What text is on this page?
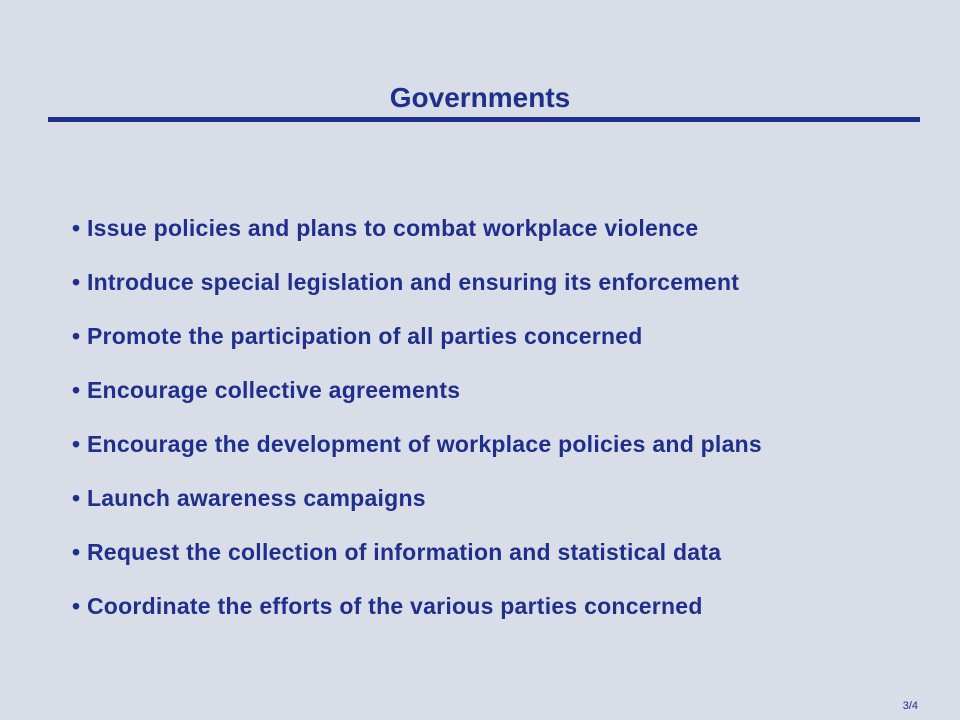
Governments
• Issue policies and plans to combat workplace violence
• Introduce special legislation and ensuring its enforcement
• Promote the participation of all parties concerned
• Encourage collective agreements
• Encourage the development of workplace policies and plans
• Launch awareness campaigns
• Request the collection of information and statistical data
• Coordinate the efforts of the various parties concerned
3/4
